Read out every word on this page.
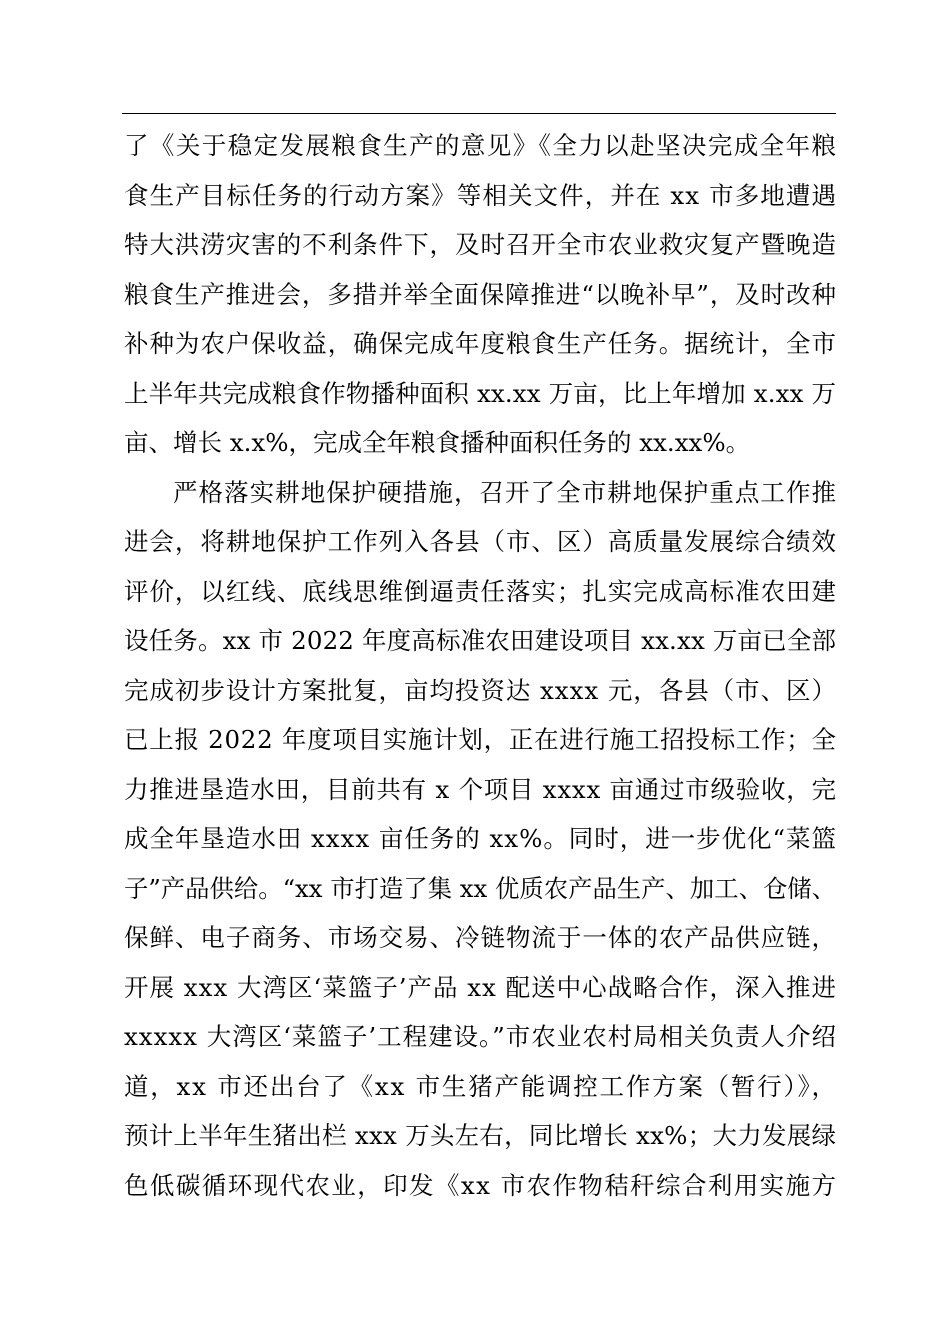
了《关于稳定发展粮食生产的意见》《全力以赴坚决完成全年粮
食生产目标任务的行动方案》等相关文件，并在 xx 市多地遭遇
特大洪涝灾害的不利条件下，及时召开全市农业救灾复产暨晚造
粮食生产推进会，多措并举全面保障推进“以晚补早”，及时改种
补种为农户保收益，确保完成年度粮食生产任务。据统计，全市
上半年共完成粮食作物播种面积 xx.xx 万亩，比上年增加 x.xx 万
亩、增长 x.x%，完成全年粮食播种面积任务的 xx.xx%。

严格落实耕地保护硬措施，召开了全市耕地保护重点工作推
进会，将耕地保护工作列入各县（市、区）高质量发展综合绩效
评价，以红线、底线思维倒逼责任落实；扎实完成高标准农田建
设任务。xx 市 2022 年度高标准农田建设项目 xx.xx 万亩已全部
完成初步设计方案批复，亩均投资达 xxxx 元，各县（市、区）
已上报 2022 年度项目实施计划，正在进行施工招投标工作；全
力推进垦造水田，目前共有 x 个项目 xxxx 亩通过市级验收，完
成全年垦造水田 xxxx 亩任务的 xx%。同时，进一步优化“菜篮
子”产品供给。“xx 市打造了集 xx 优质农产品生产、加工、仓储、
保鲜、电子商务、市场交易、冷链物流于一体的农产品供应链，
开展 xxx 大湾区‘菜篮子’产品 xx 配送中心战略合作，深入推进
xxxxx 大湾区‘菜篮子’工程建设。”市农业农村局相关负责人介绍
道，xx 市还出台了《xx 市生猪产能调控工作方案（暂行）》，
预计上半年生猪出栏 xxx 万头左右，同比增长 xx%；大力发展绿
色低碳循环现代农业，印发《xx 市农作物秸秆综合利用实施方
